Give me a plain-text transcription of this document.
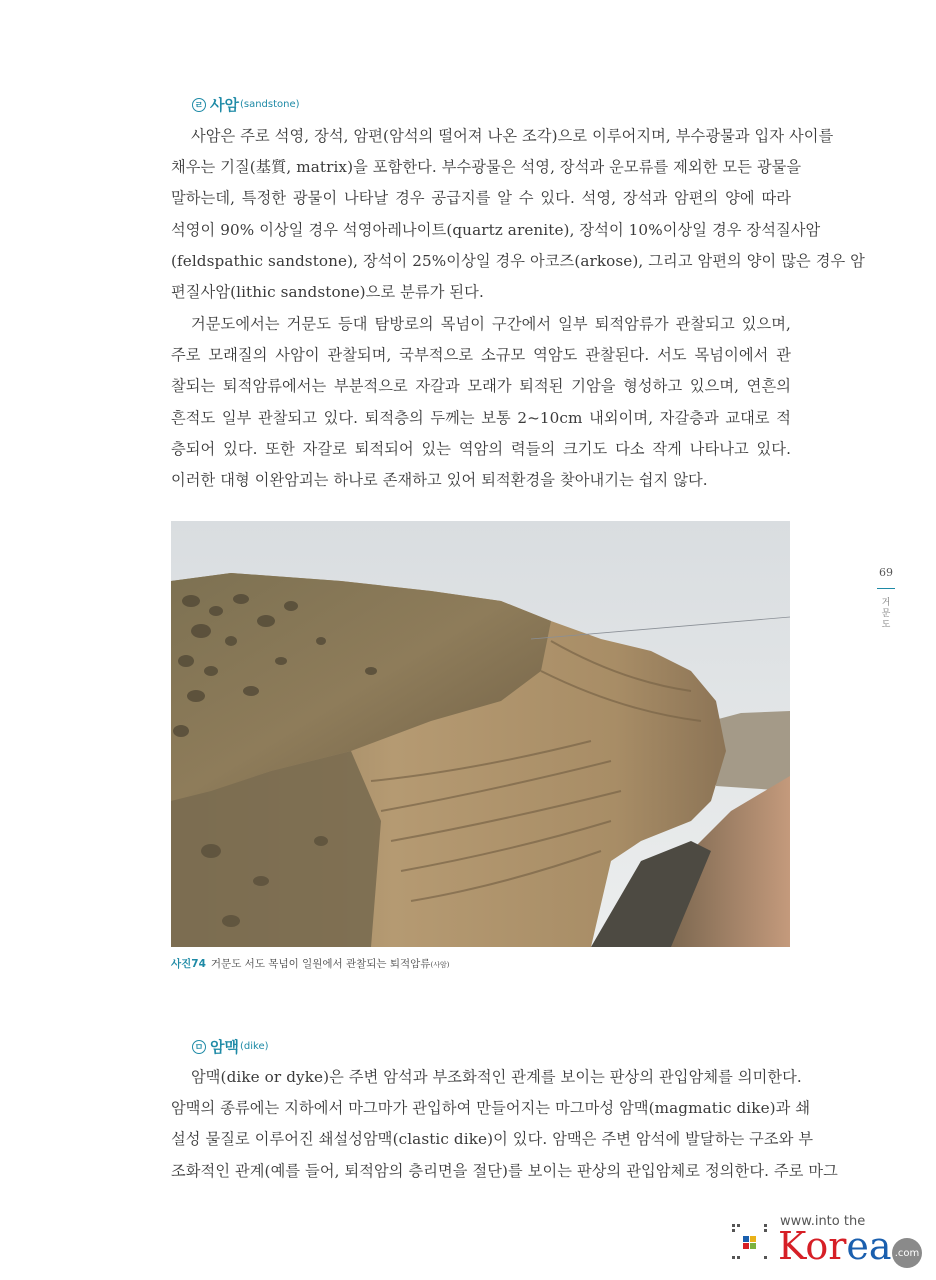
ㄹ 사암 (sandstone)
사암은 주로 석영, 장석, 암편(암석의 떨어져 나온 조각)으로 이루어지며, 부수광물과 입자 사이를
채우는 기질(基質, matrix)을 포함한다. 부수광물은 석영, 장석과 운모류를 제외한 모든 광물을
말하는데, 특정한 광물이 나타날 경우 공급지를 알 수 있다. 석영, 장석과 암편의 양에 따라
석영이 90% 이상일 경우 석영아레나이트(quartz arenite), 장석이 10%이상일 경우 장석질사암
(feldspathic sandstone), 장석이 25%이상일 경우 아코즈(arkose), 그리고 암편의 양이 많은 경우 암
편질사암(lithic sandstone)으로 분류가 된다.
거문도에서는 거문도 등대 탐방로의 목넘이 구간에서 일부 퇴적암류가 관찰되고 있으며,
주로 모래질의 사암이 관찰되며, 국부적으로 소규모 역암도 관찰된다. 서도 목넘이에서 관
찰되는 퇴적암류에서는 부분적으로 자갈과 모래가 퇴적된 기암을 형성하고 있으며, 연흔의
흔적도 일부 관찰되고 있다. 퇴적층의 두께는 보통 2~10cm 내외이며, 자갈층과 교대로 적
층되어 있다. 또한 자갈로 퇴적되어 있는 역암의 력들의 크기도 다소 작게 나타나고 있다.
이러한 대형 이완암괴는 하나로 존재하고 있어 퇴적환경을 찾아내기는 쉽지 않다.
사진74 거문도 서도 목넘이 일원에서 관찰되는 퇴적암류(사암)
ㅁ 암맥 (dike)
암맥(dike or dyke)은 주변 암석과 부조화적인 관계를 보이는 판상의 관입암체를 의미한다.
암맥의 종류에는 지하에서 마그마가 관입하여 만들어지는 마그마성 암맥(magmatic dike)과 쇄
설성 물질로 이루어진 쇄설성암맥(clastic dike)이 있다. 암맥은 주변 암석에 발달하는 구조와 부
조화적인 관계(예를 들어, 퇴적암의 층리면을 절단)를 보이는 판상의 관입암체로 정의한다. 주로 마그
69
거문도
www.into the
Korea .com
